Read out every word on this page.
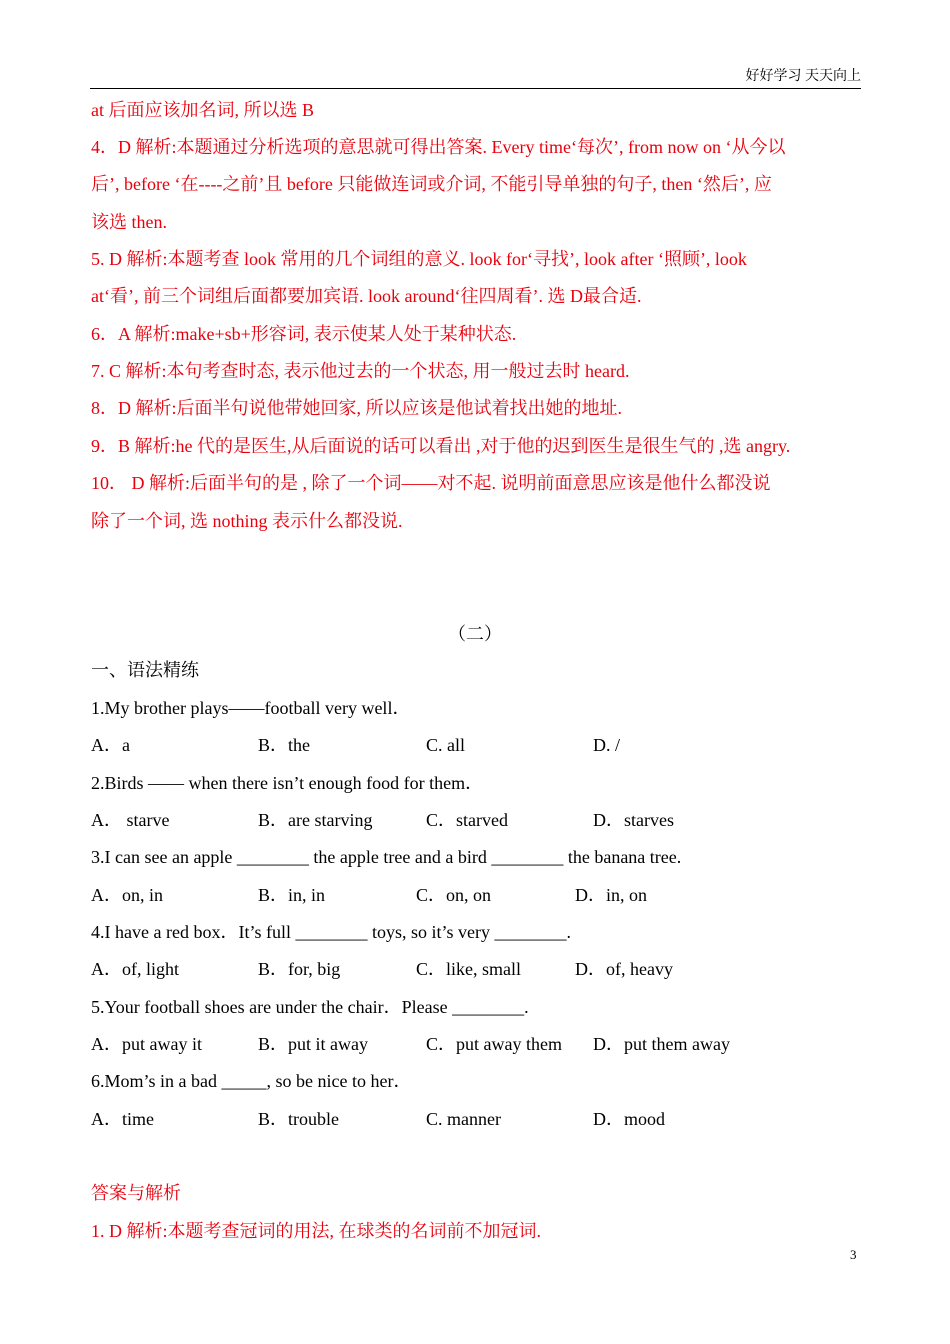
好好学习 天天向上
at 后面应该加名词, 所以选 B
4．D 解析:本题通过分析选项的意思就可得出答案. Every time‘每次’, from now on ‘从今以
后’, before ‘在----之前’且 before 只能做连词或介词, 不能引导单独的句子, then ‘然后’, 应
该选 then.
5. D 解析:本题考查 look 常用的几个词组的意义. look for‘寻找’, look after ‘照顾’, look
at‘看’, 前三个词组后面都要加宾语. look around‘往四周看’. 选 D最合适.
6．A 解析:make+sb+形容词, 表示使某人处于某种状态.
7. C 解析:本句考查时态, 表示他过去的一个状态, 用一般过去时 heard.
8．D 解析:后面半句说他带她回家, 所以应该是他试着找出她的地址.
9．B 解析:he 代的是医生,从后面说的话可以看出 ,对于他的迟到医生是很生气的 ,选 angry.
10． D 解析:后面半句的是 , 除了一个词——对不起. 说明前面意思应该是他什么都没说
除了一个词, 选 nothing 表示什么都没说.
（二）
一、语法精练
1.My brother plays——football very well．
A．a	B．the	C. all	D. /
2.Birds —— when there isn’t enough food for them．
A． starve	B．are starving	C．starved	D．starves
3.I can see an apple ________ the apple tree and a bird ________ the banana tree.
A．on, in	B．in, in	C．on, on	D．in, on
4.I have a red box．It’s full ________ toys, so it’s very ________.
A．of, light	B．for, big	C．like, small	D．of, heavy
5.Your football shoes are under the chair．Please ________.
A．put away it	B．put it away	C．put away them D．put them away
6.Mom’s in a bad _____, so be nice to her．
A．time	B．trouble	C. manner	D．mood
答案与解析
1. D 解析:本题考查冠词的用法, 在球类的名词前不加冠词.
3
